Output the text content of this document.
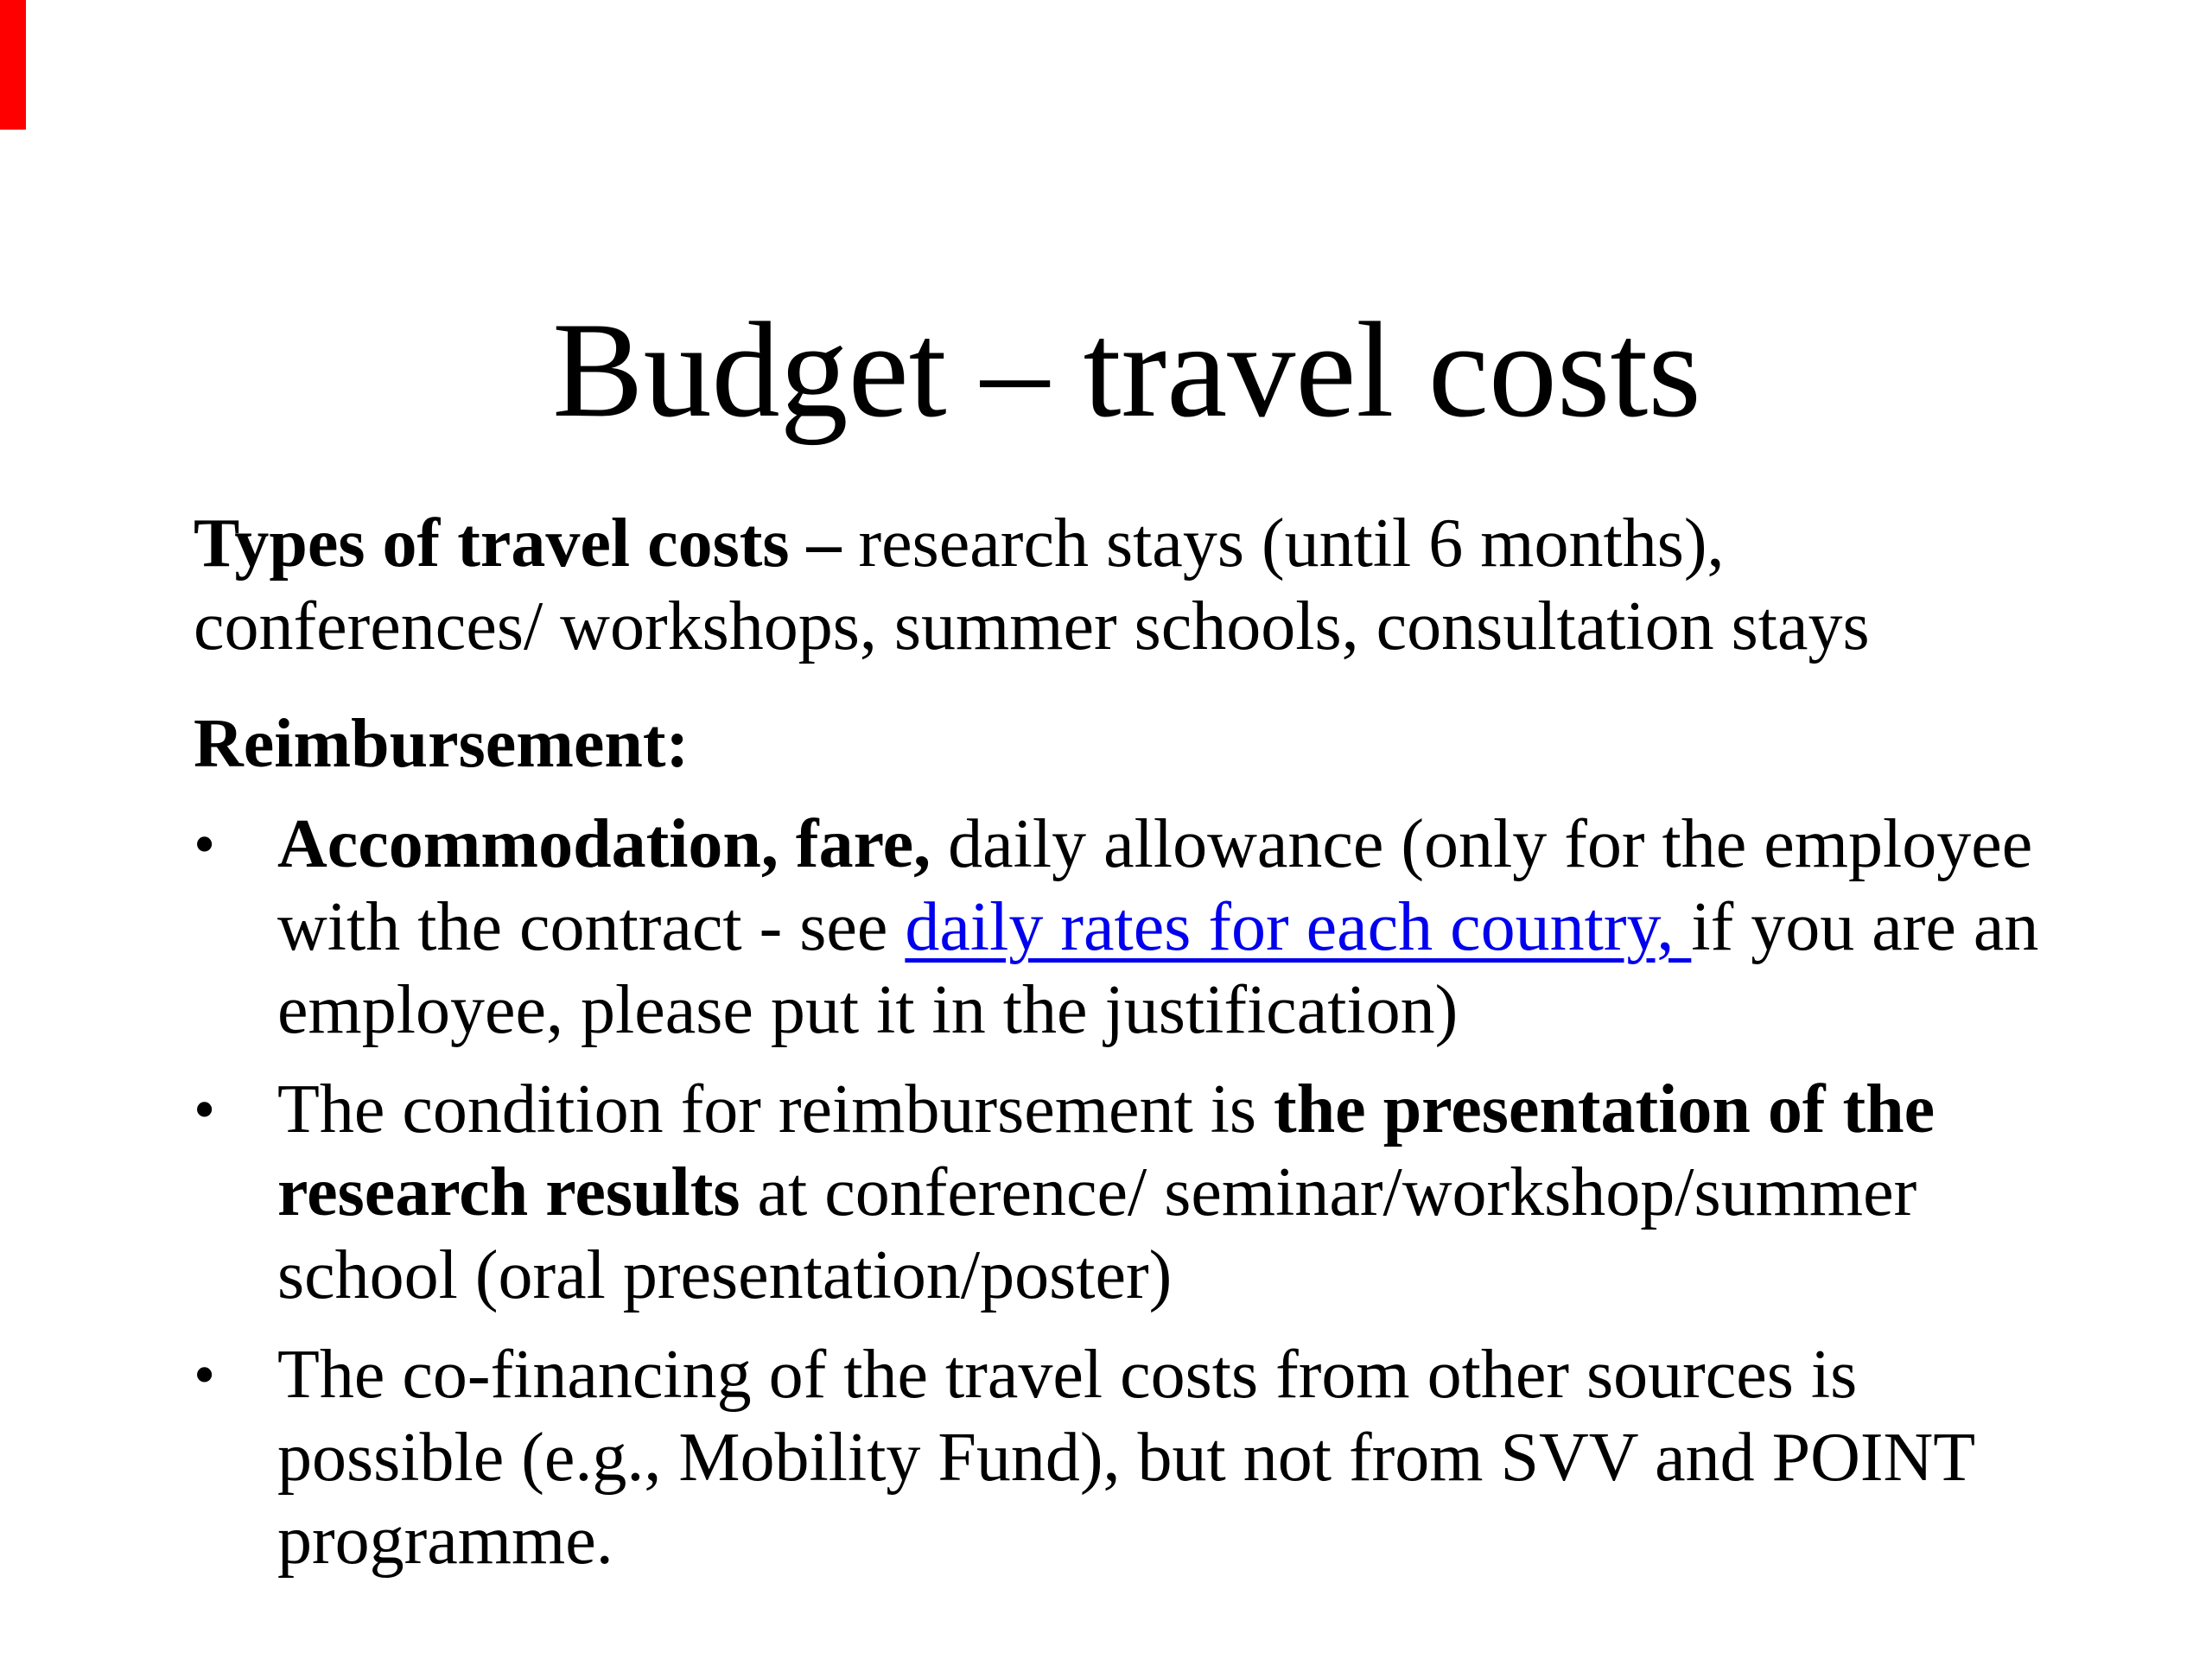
Budget – travel costs
Types of travel costs – research stays (until 6 months),
conferences/ workshops, summer schools, consultation stays
Reimbursement:
• Accommodation, fare, daily allowance (only for the employee
with the contract - see daily rates for each country, if you are an
employee, please put it in the justification)
• The condition for reimbursement is the presentation of the
research results at conference/ seminar/workshop/summer
school (oral presentation/poster)
• The co-financing of the travel costs from other sources is
possible (e.g., Mobility Fund), but not from SVV and POINT
programme.
